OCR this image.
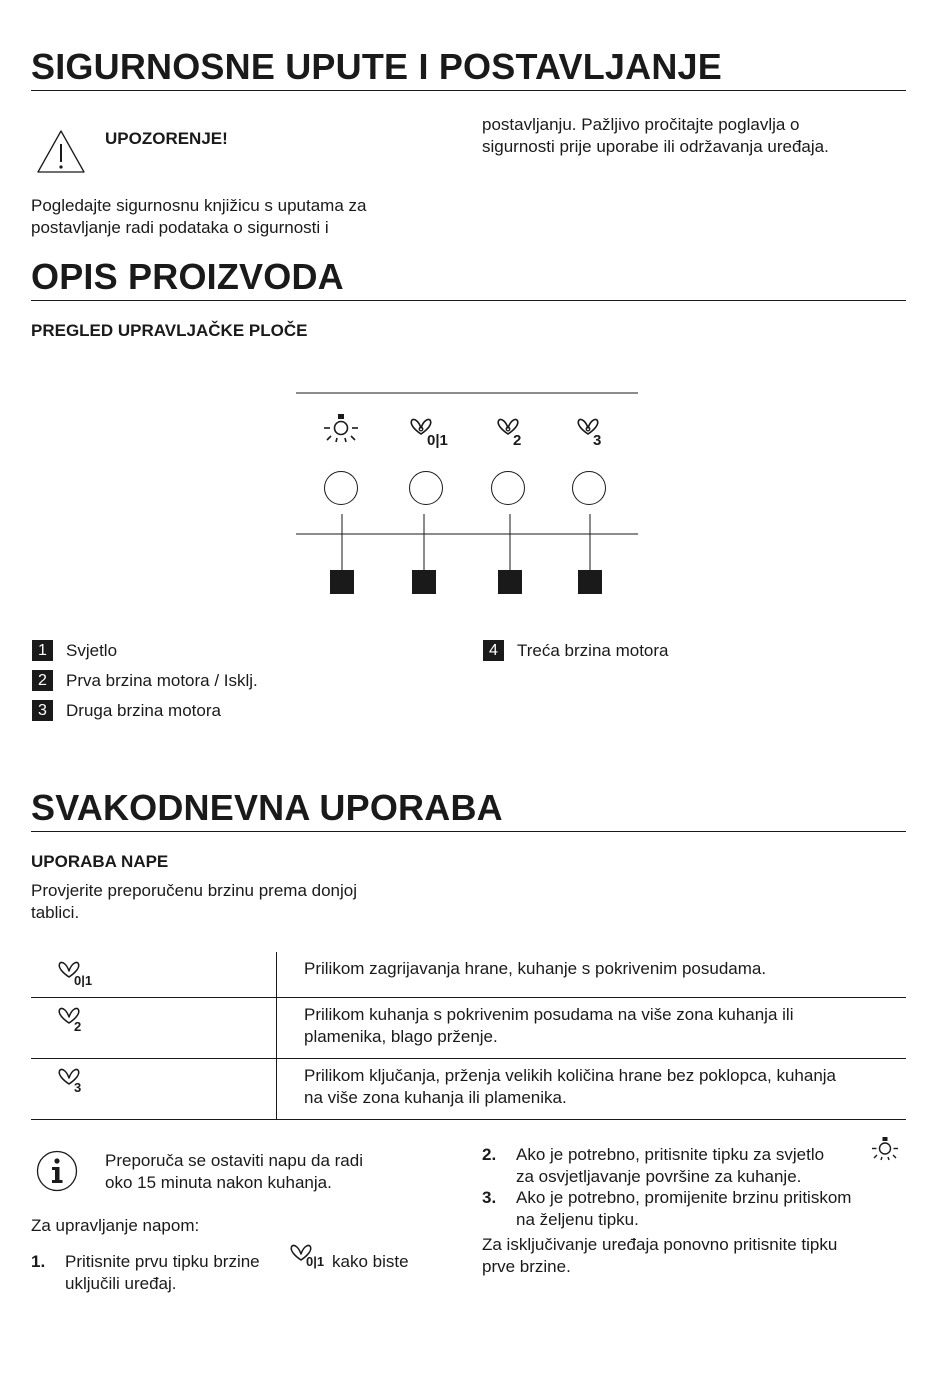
SIGURNOSNE UPUTE I POSTAVLJANJE
UPOZORENJE!
Pogledajte sigurnosnu knjižicu s uputama za
postavljanje radi podataka o sigurnosti i
postavljanju. Pažljivo pročitajte poglavlja o
sigurnosti prije uporabe ili održavanja uređaja.
OPIS PROIZVODA
PREGLED UPRAVLJAČKE PLOČE
0|1	2	3
1	Svjetlo
2	Prva brzina motora / Isklj.
3	Druga brzina motora
4	Treća brzina motora
SVAKODNEVNA UPORABA
UPORABA NAPE
Provjerite preporučenu brzinu prema donjoj
tablici.
0|1	Prilikom zagrijavanja hrane, kuhanje s pokrivenim posudama.

2	Prilikom kuhanja s pokrivenim posudama na više zona kuhanja ili
plamenika, blago prženje.

3	Prilikom ključanja, prženja velikih količina hrane bez poklopca, kuhanja
na više zona kuhanja ili plamenika.
Preporuča se ostaviti napu da radi
oko 15 minuta nakon kuhanja.
Za upravljanje napom:
1. Pritisnite prvu tipku brzine	0|1 kako biste
uključili uređaj.
2. Ako je potrebno, pritisnite tipku za svjetlo
za osvjetljavanje površine za kuhanje.
3. Ako je potrebno, promijenite brzinu pritiskom
na željenu tipku.
Za isključivanje uređaja ponovno pritisnite tipku
prve brzine.
